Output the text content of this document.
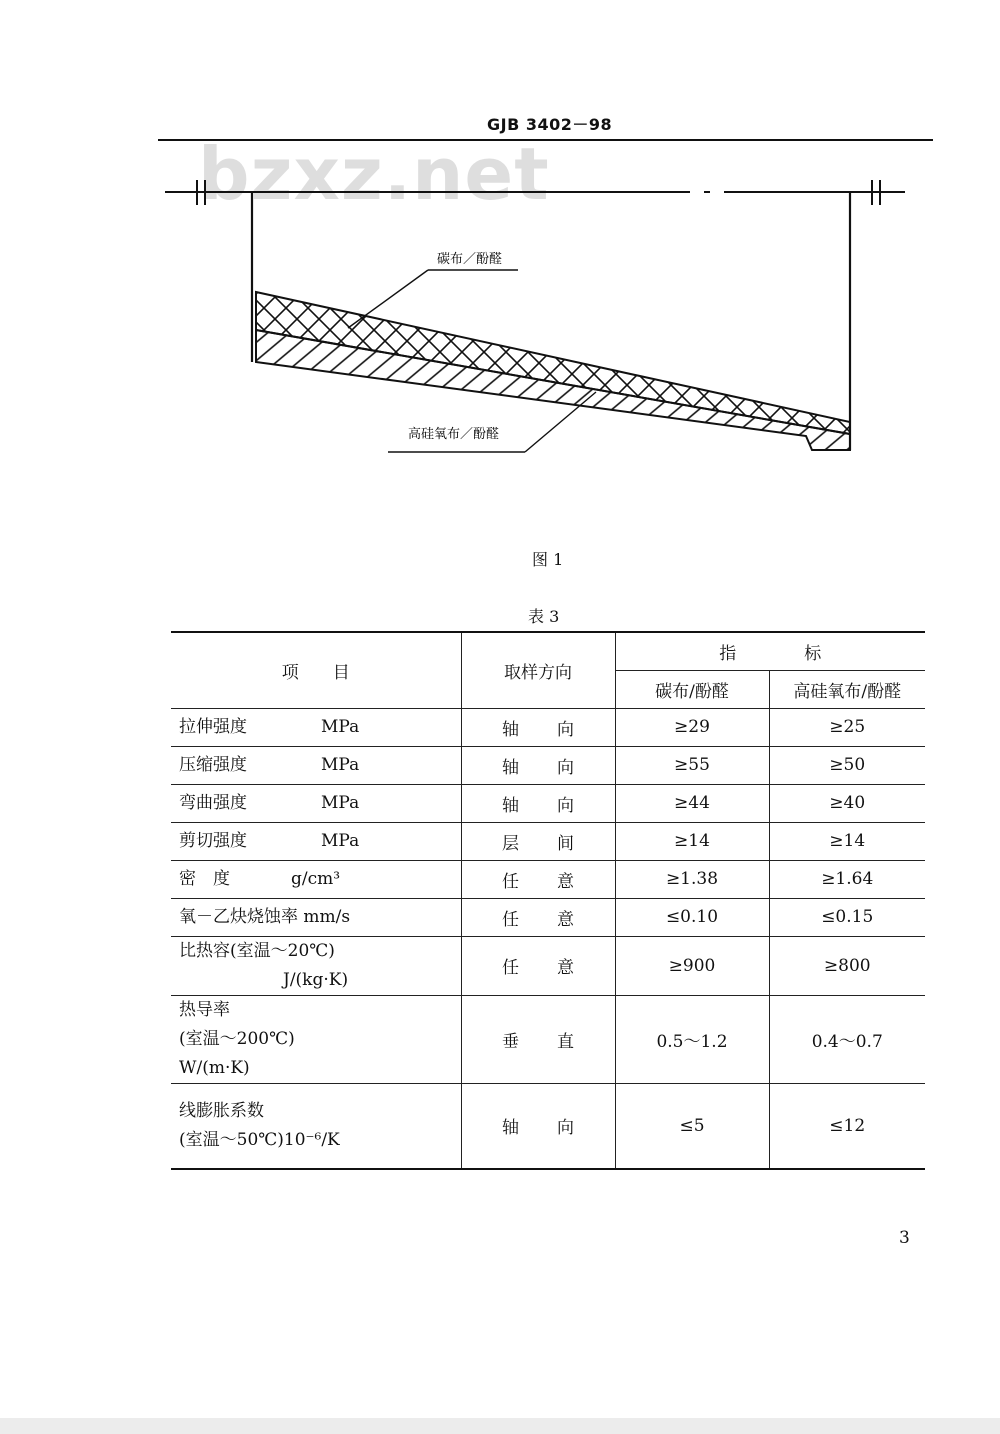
GJB 3402－98
bzxz.net
碳布／酚醛
高硅氧布／酚醛
图 1
表 3
项　　目	取样方向	指　　　　标	
		碳布/酚醛	高硅氧布/酚醛
拉伸强度 MPa	轴 向	≥29	≥25
压缩强度 MPa	轴 向	≥55	≥50
弯曲强度 MPa	轴 向	≥44	≥40
剪切强度 MPa	层 间	≥14	≥14
密　度 g/cm³	任 意	≥1.38	≥1.64
氧－乙炔烧蚀率 mm/s	任 意	≤0.10	≤0.15

比热容(室温～20℃)
J/(kg·K)	任 意	≥900	≥800

热导率
(室温～200℃)
W/(m·K)	垂 直	0.5～1.2	0.4～0.7

线膨胀系数
(室温～50℃)10⁻⁶/K	轴 向	≤5	≤12
3
